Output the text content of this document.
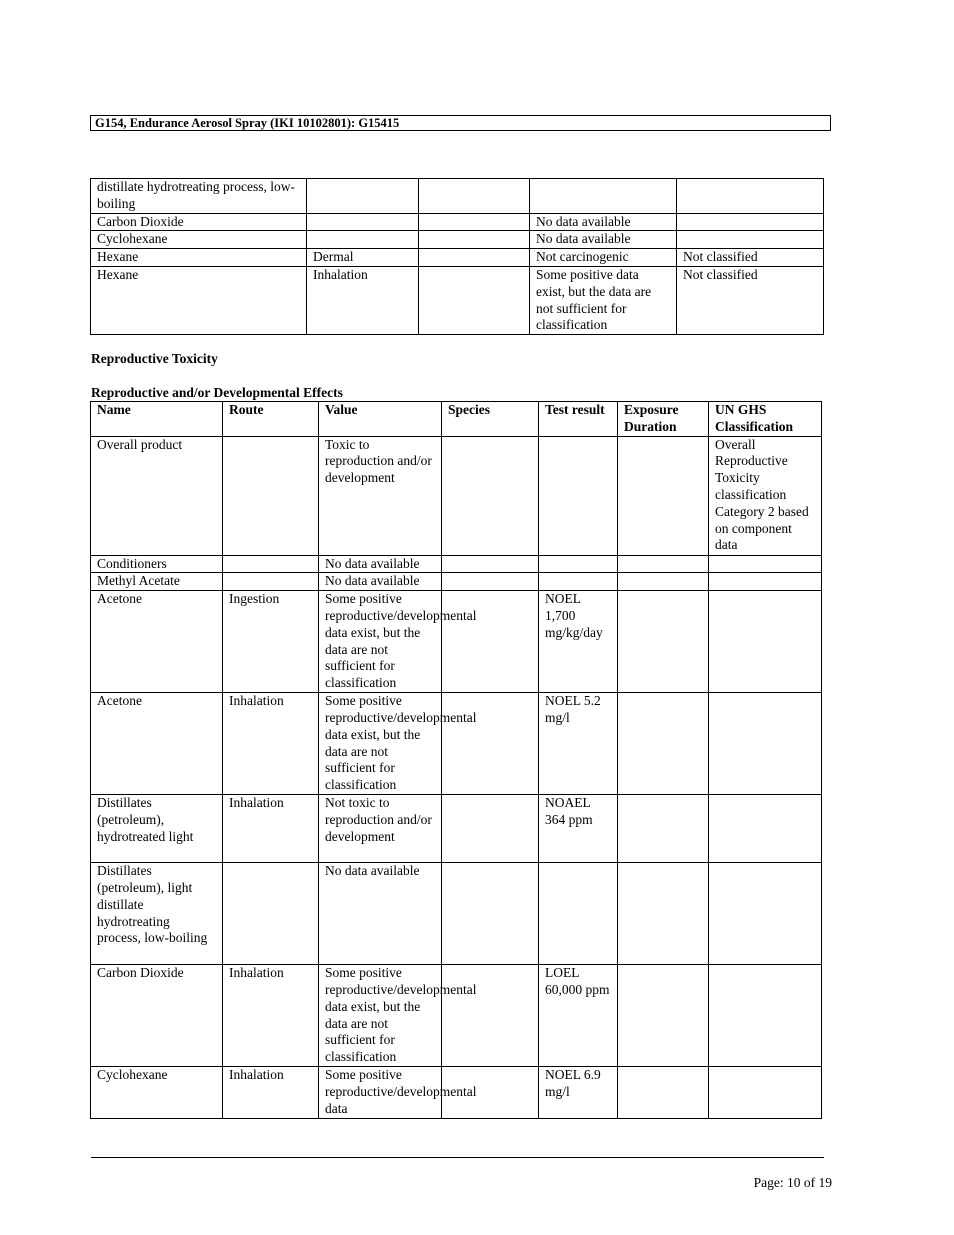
G154, Endurance Aerosol Spray (IKI 10102801): G15415
distillate hydrotreating process, low-boiling				
Carbon Dioxide			No data available	
Cyclohexane			No data available	
Hexane	Dermal		Not carcinogenic	Not classified
Hexane	Inhalation		Some positive data exist, but the data are not sufficient for classification	Not classified
Reproductive Toxicity
Reproductive and/or Developmental Effects
Name	Route	Value	Species	Test result	Exposure Duration	UN GHS Classification
Overall product		Toxic to reproduction and/or development				Overall Reproductive Toxicity classification Category 2 based on component data
Conditioners		No data available				
Methyl Acetate		No data available				
Acetone	Ingestion	Some positive reproductive/developmental data exist, but the data are not sufficient for classification		NOEL 1,700 mg/kg/day		
Acetone	Inhalation	Some positive reproductive/developmental data exist, but the data are not sufficient for classification		NOEL 5.2 mg/l		
Distillates (petroleum), hydrotreated light	Inhalation	Not toxic to reproduction and/or development		NOAEL 364 ppm		
Distillates (petroleum), light distillate hydrotreating process, low-boiling		No data available				
Carbon Dioxide	Inhalation	Some positive reproductive/developmental data exist, but the data are not sufficient for classification		LOEL 60,000 ppm		
Cyclohexane	Inhalation	Some positive reproductive/developmental data		NOEL 6.9 mg/l		
Page: 10 of 19
